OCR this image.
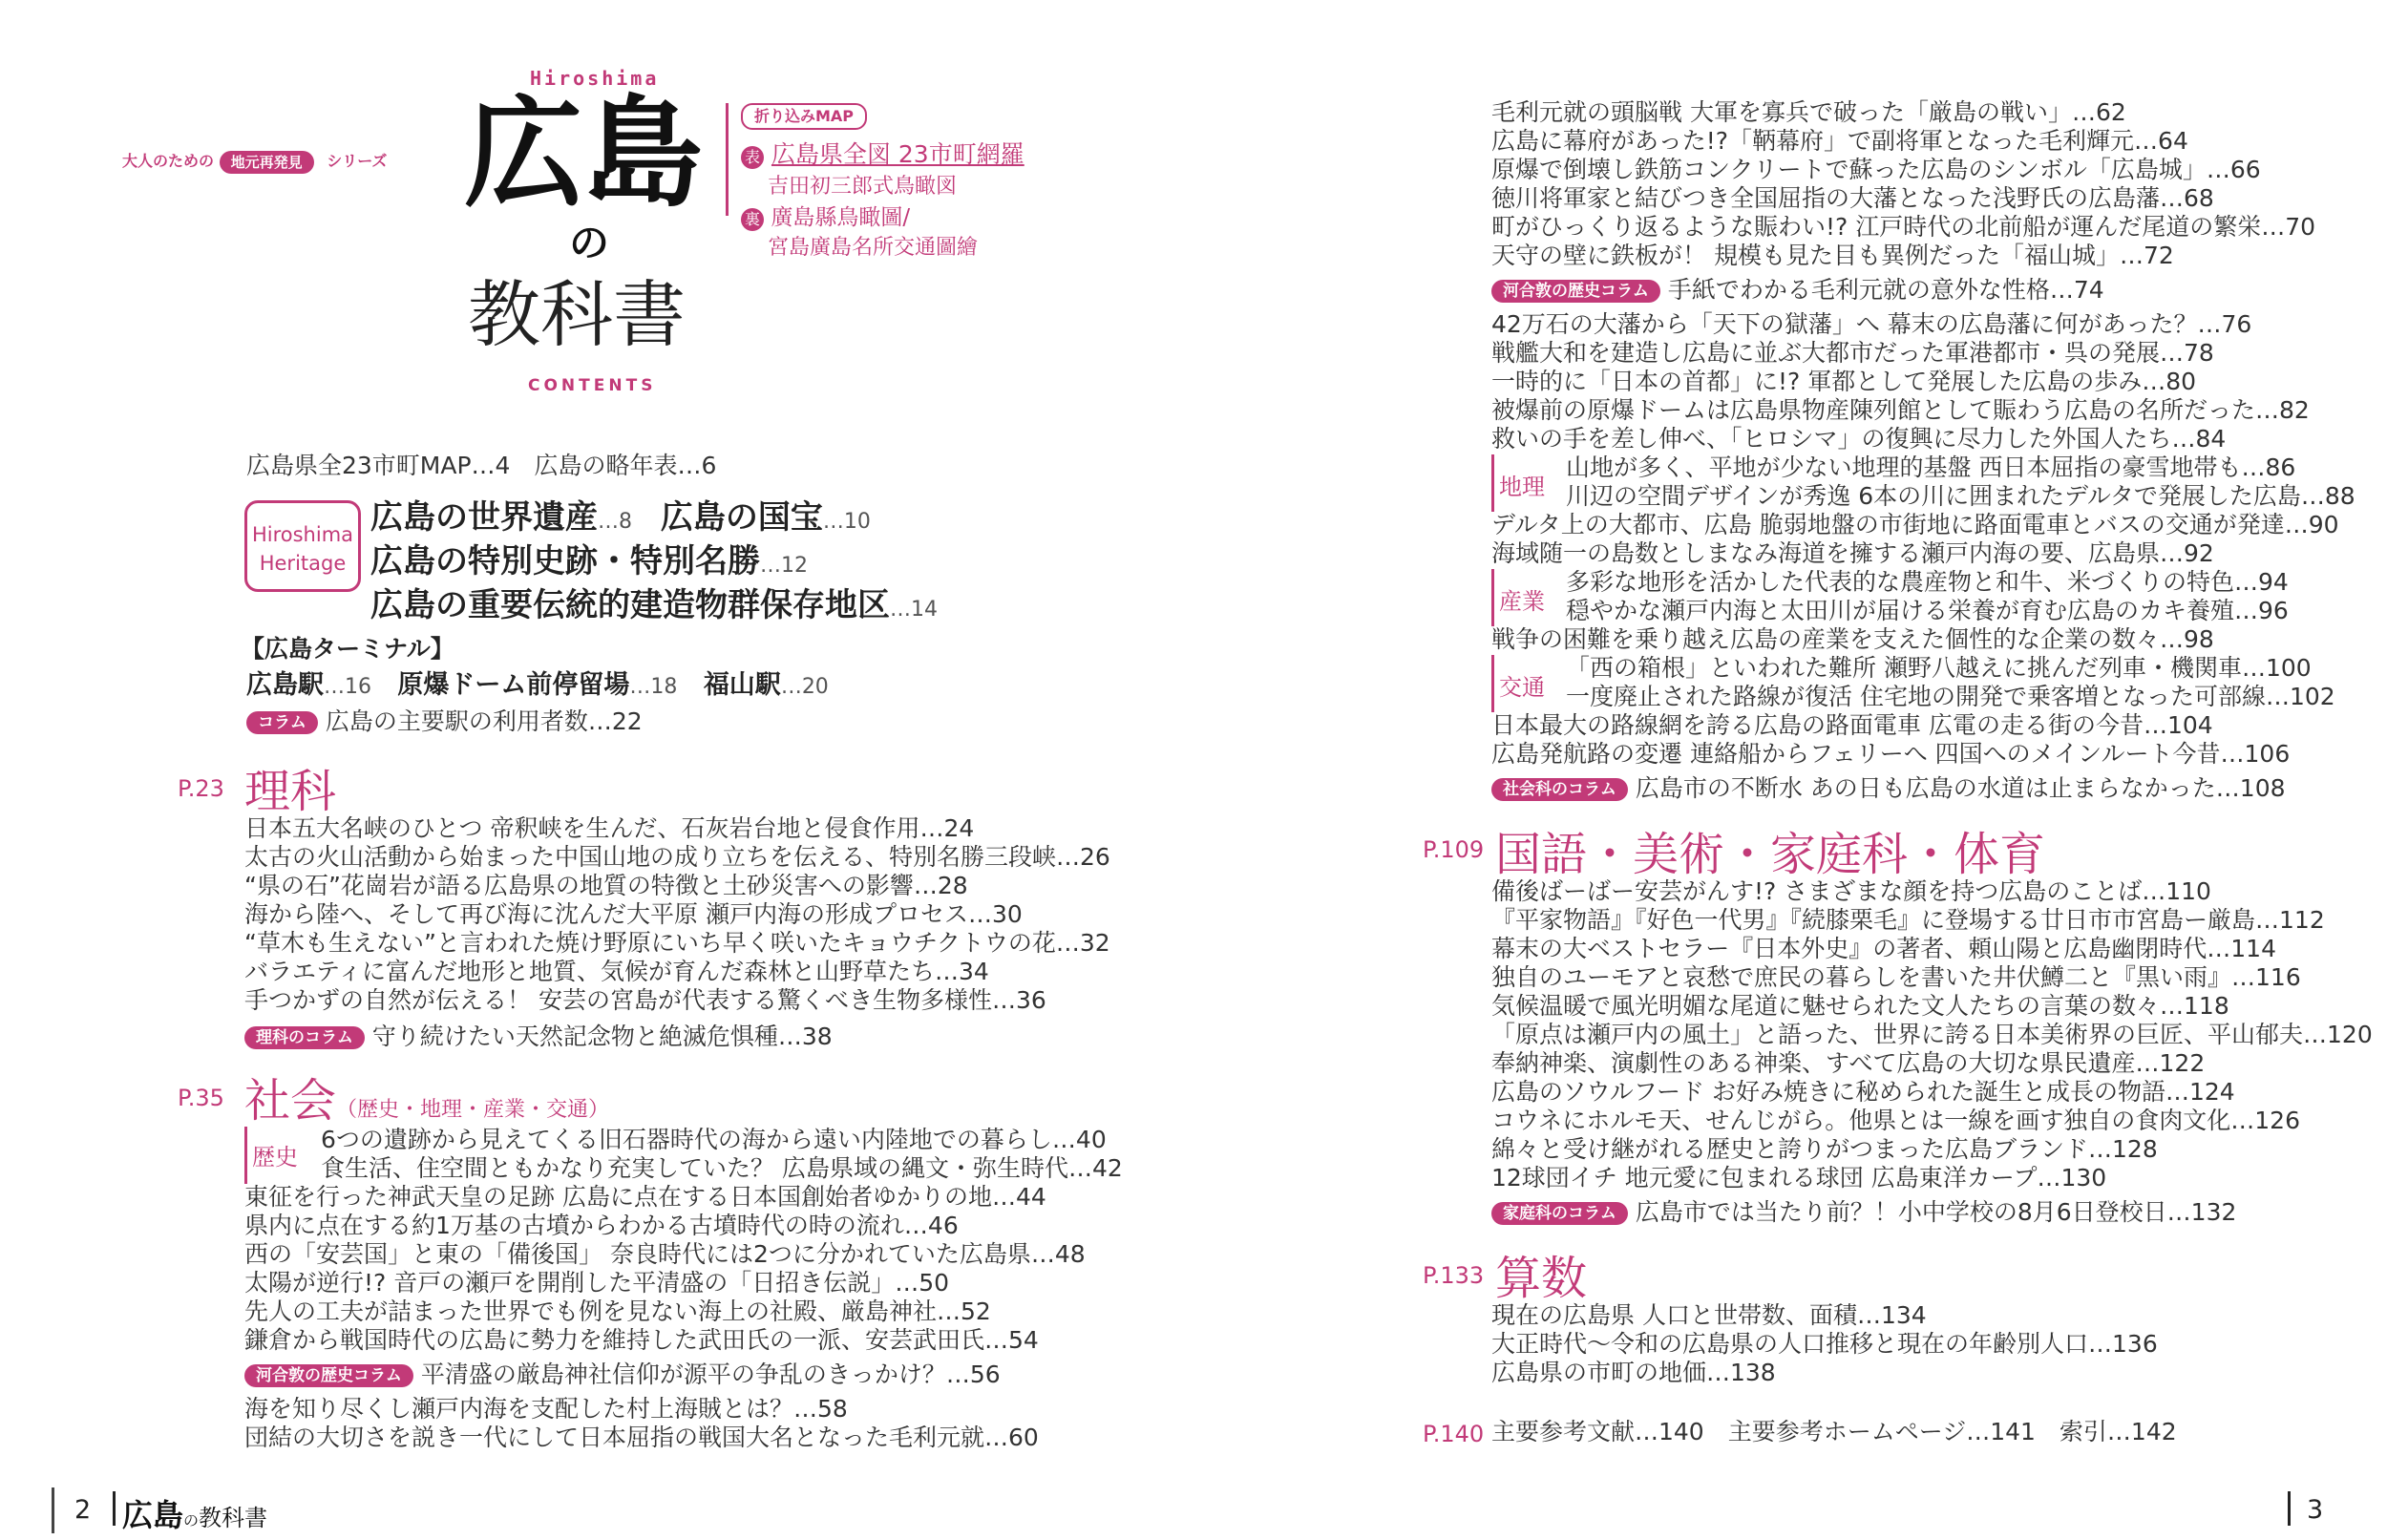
大人のための 地元再発見 シリーズ
Hiroshima
広島
の
教科書
CONTENTS
折り込みMAP
表 広島県全図 23市町網羅
吉田初三郎式鳥瞰図
裏 廣島縣鳥瞰圖/
宮島廣島名所交通圖繪
広島県全23市町MAP…4　広島の略年表…6
Hiroshima
Heritage
広島の世界遺産…8 広島の国宝…10
広島の特別史跡・特別名勝…12
広島の重要伝統的建造物群保存地区…14
【広島ターミナル】
広島駅…16 原爆ドーム前停留場…18 福山駅…20
コラム 広島の主要駅の利用者数…22
P.23 理科
日本五大名峡のひとつ 帝釈峡を生んだ、石灰岩台地と侵食作用…24
太古の火山活動から始まった中国山地の成り立ちを伝える、特別名勝三段峡…26
“県の石”花崗岩が語る広島県の地質の特徴と土砂災害への影響…28
海から陸へ、そして再び海に沈んだ大平原 瀬戸内海の形成プロセス…30
“草木も生えない”と言われた焼け野原にいち早く咲いたキョウチクトウの花…32
バラエティに富んだ地形と地質、気候が育んだ森林と山野草たち…34
手つかずの自然が伝える！ 安芸の宮島が代表する驚くべき生物多様性…36
理科のコラム 守り続けたい天然記念物と絶滅危惧種…38
P.35 社会（歴史・地理・産業・交通）
歴史
6つの遺跡から見えてくる旧石器時代の海から遠い内陸地での暮らし…40
食生活、住空間ともかなり充実していた？ 広島県域の縄文・弥生時代…42
東征を行った神武天皇の足跡 広島に点在する日本国創始者ゆかりの地…44
県内に点在する約1万基の古墳からわかる古墳時代の時の流れ…46
西の「安芸国」と東の「備後国」 奈良時代には2つに分かれていた広島県…48
太陽が逆行!? 音戸の瀬戸を開削した平清盛の「日招き伝説」…50
先人の工夫が詰まった世界でも例を見ない海上の社殿、厳島神社…52
鎌倉から戦国時代の広島に勢力を維持した武田氏の一派、安芸武田氏…54
河合敦の歴史コラム 平清盛の厳島神社信仰が源平の争乱のきっかけ？…56
海を知り尽くし瀬戸内海を支配した村上海賊とは？…58
団結の大切さを説き一代にして日本屈指の戦国大名となった毛利元就…60
毛利元就の頭脳戦 大軍を寡兵で破った「厳島の戦い」…62
広島に幕府があった!?「鞆幕府」で副将軍となった毛利輝元…64
原爆で倒壊し鉄筋コンクリートで蘇った広島のシンボル「広島城」…66
徳川将軍家と結びつき全国屈指の大藩となった浅野氏の広島藩…68
町がひっくり返るような賑わい!? 江戸時代の北前船が運んだ尾道の繁栄…70
天守の壁に鉄板が！ 規模も見た目も異例だった「福山城」…72
河合敦の歴史コラム 手紙でわかる毛利元就の意外な性格…74
42万石の大藩から「天下の獄藩」へ 幕末の広島藩に何があった？…76
戦艦大和を建造し広島に並ぶ大都市だった軍港都市・呉の発展…78
一時的に「日本の首都」に!? 軍都として発展した広島の歩み…80
被爆前の原爆ドームは広島県物産陳列館として賑わう広島の名所だった…82
救いの手を差し伸べ、「ヒロシマ」の復興に尽力した外国人たち…84
地理
山地が多く、平地が少ない地理的基盤 西日本屈指の豪雪地帯も…86
川辺の空間デザインが秀逸 6本の川に囲まれたデルタで発展した広島…88
デルタ上の大都市、広島 脆弱地盤の市街地に路面電車とバスの交通が発達…90
海域随一の島数としまなみ海道を擁する瀬戸内海の要、広島県…92
産業
多彩な地形を活かした代表的な農産物と和牛、米づくりの特色…94
穏やかな瀬戸内海と太田川が届ける栄養が育む広島のカキ養殖…96
戦争の困難を乗り越え広島の産業を支えた個性的な企業の数々…98
交通
「西の箱根」といわれた難所 瀬野八越えに挑んだ列車・機関車…100
一度廃止された路線が復活 住宅地の開発で乗客増となった可部線…102
日本最大の路線網を誇る広島の路面電車 広電の走る街の今昔…104
広島発航路の変遷 連絡船からフェリーへ 四国へのメインルート今昔…106
社会科のコラム 広島市の不断水 あの日も広島の水道は止まらなかった…108
P.109 国語・美術・家庭科・体育
備後ばーばー安芸がんす!? さまざまな顔を持つ広島のことば…110
『平家物語』『好色一代男』『続膝栗毛』に登場する廿日市市宮島ー厳島…112
幕末の大ベストセラー『日本外史』の著者、頼山陽と広島幽閉時代…114
独自のユーモアと哀愁で庶民の暮らしを書いた井伏鱒二と『黒い雨』…116
気候温暖で風光明媚な尾道に魅せられた文人たちの言葉の数々…118
「原点は瀬戸内の風土」と語った、世界に誇る日本美術界の巨匠、平山郁夫…120
奉納神楽、演劇性のある神楽、すべて広島の大切な県民遺産…122
広島のソウルフード お好み焼きに秘められた誕生と成長の物語…124
コウネにホルモ天、せんじがら。他県とは一線を画す独自の食肉文化…126
綿々と受け継がれる歴史と誇りがつまった広島ブランド…128
12球団イチ 地元愛に包まれる球団 広島東洋カープ…130
家庭科のコラム 広島市では当たり前？！小中学校の8月6日登校日…132
P.133 算数
現在の広島県 人口と世帯数、面積…134
大正時代〜令和の広島県の人口推移と現在の年齢別人口…136
広島県の市町の地価…138
P.140 主要参考文献…140　主要参考ホームページ…141　索引…142
2 広島の教科書	3
